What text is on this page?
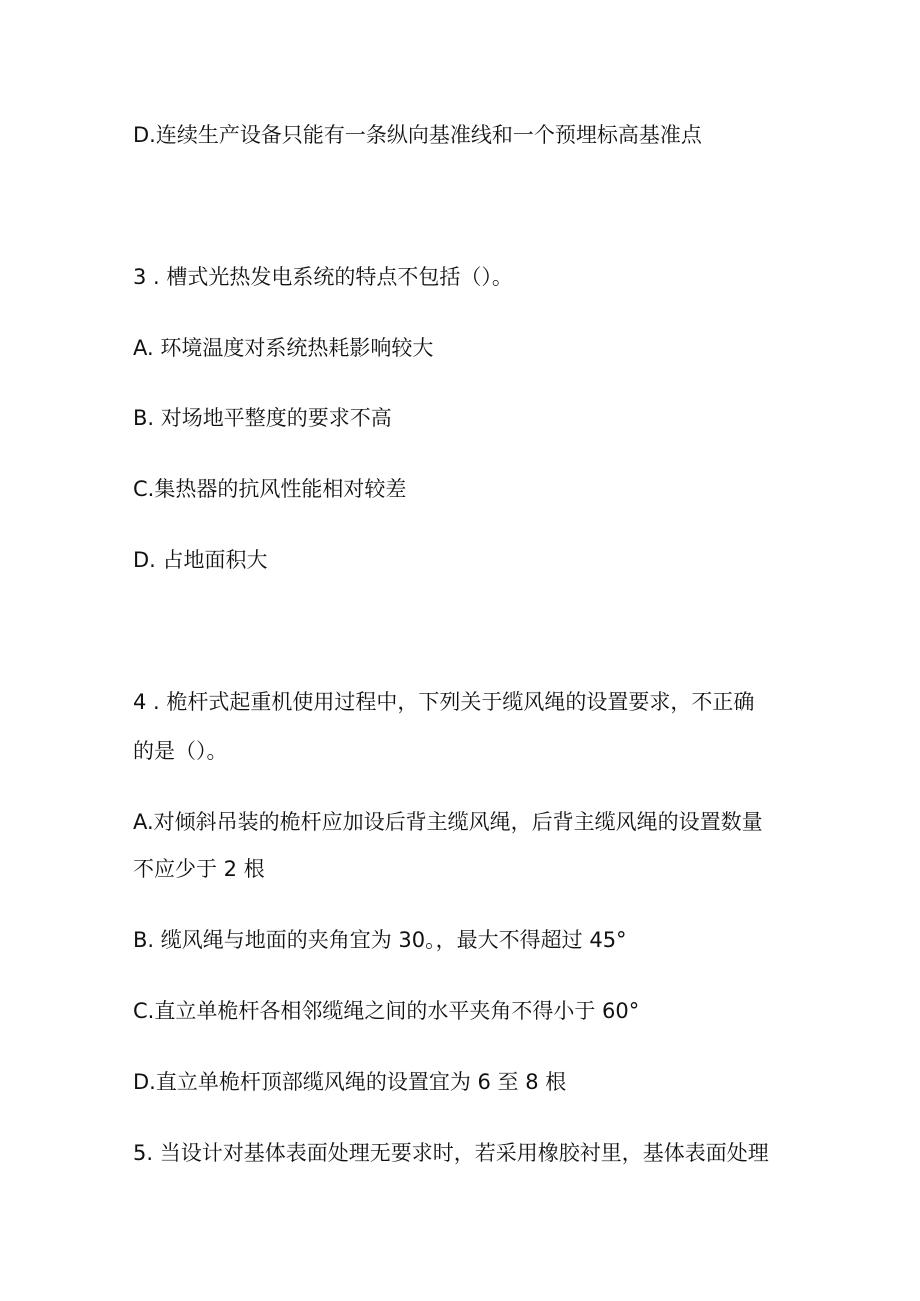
D.连续生产设备只能有一条纵向基准线和一个预埋标高基准点

3 . 槽式光热发电系统的特点不包括（）。

A. 环境温度对系统热耗影响较大

B. 对场地平整度的要求不高

C.集热器的抗风性能相对较差

D. 占地面积大

4 . 桅杆式起重机使用过程中，下列关于缆风绳的设置要求，不正确

的是（）。

A.对倾斜吊装的桅杆应加设后背主缆风绳，后背主缆风绳的设置数量

不应少于 2 根

B. 缆风绳与地面的夹角宜为 30。，最大不得超过 45°

C.直立单桅杆各相邻缆绳之间的水平夹角不得小于 60°

D.直立单桅杆顶部缆风绳的设置宜为 6 至 8 根

5. 当设计对基体表面处理无要求时，若采用橡胶衬里，基体表面处理
